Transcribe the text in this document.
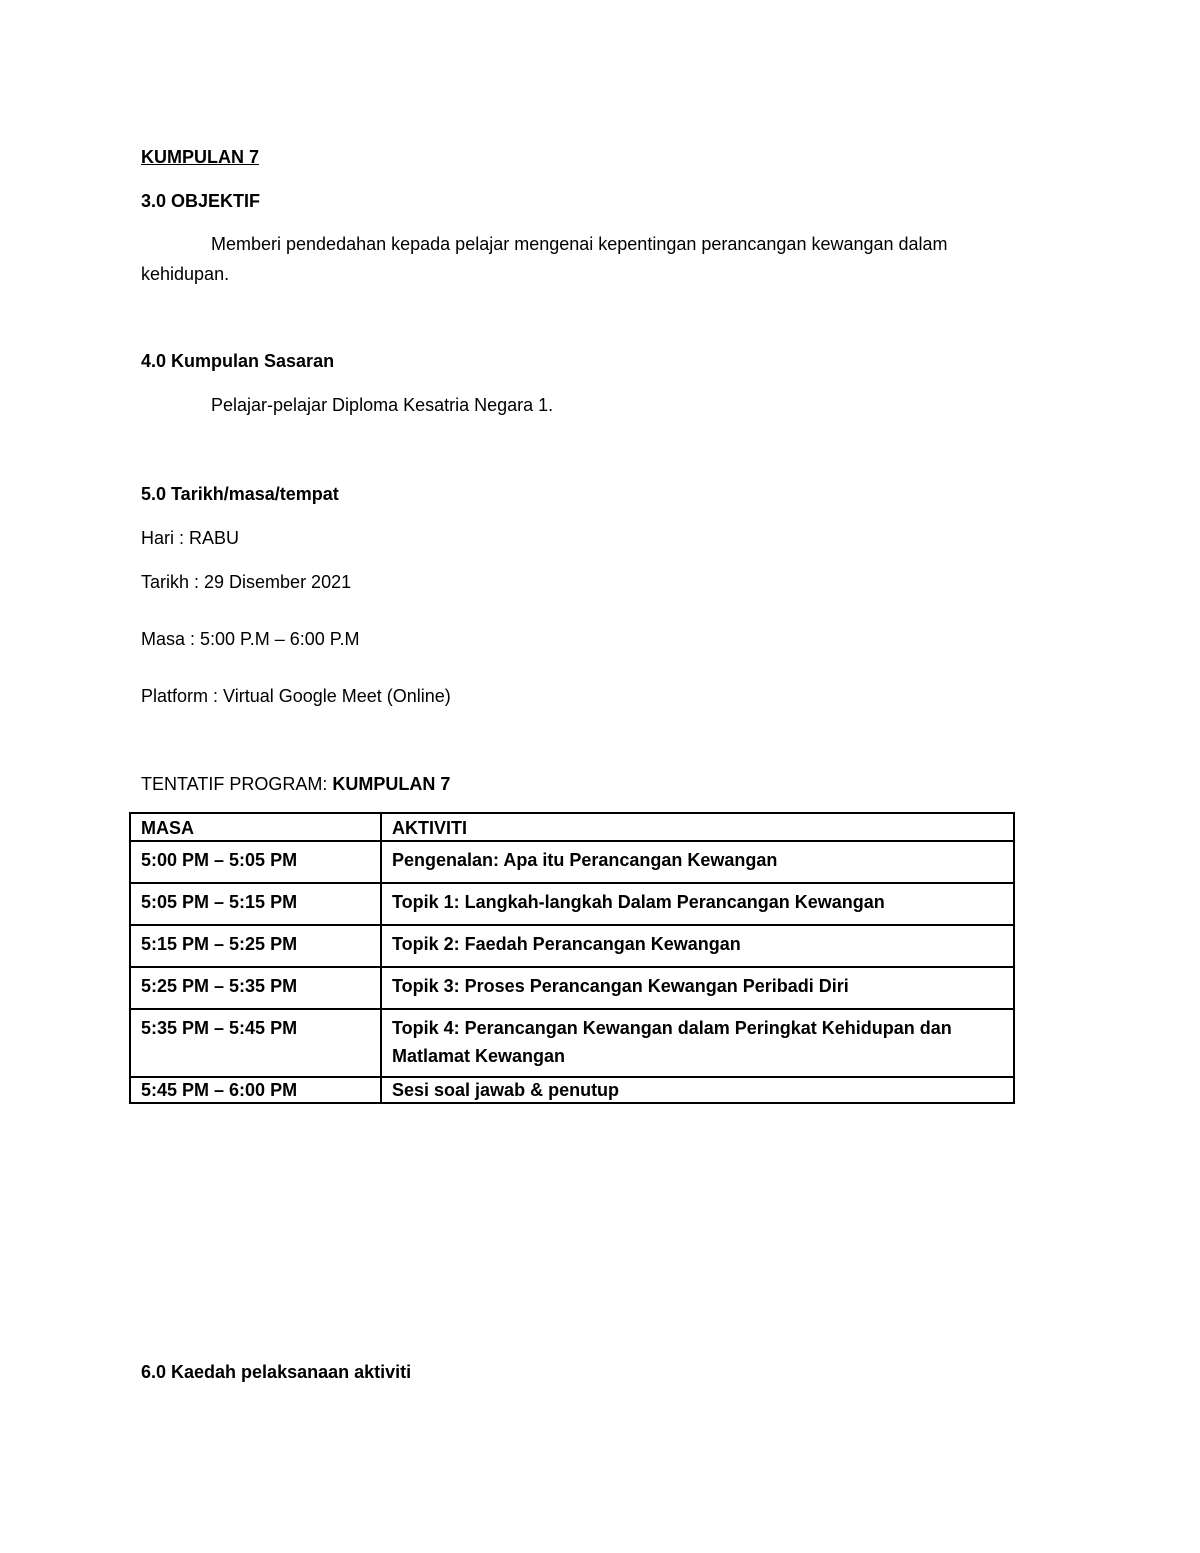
KUMPULAN 7
3.0 OBJEKTIF
Memberi pendedahan kepada pelajar mengenai kepentingan perancangan kewangan dalam kehidupan.
4.0 Kumpulan Sasaran
Pelajar-pelajar Diploma Kesatria Negara 1.
5.0 Tarikh/masa/tempat
Hari : RABU
Tarikh : 29 Disember 2021
Masa : 5:00 P.M – 6:00 P.M
Platform : Virtual Google Meet (Online)
TENTATIF PROGRAM: KUMPULAN 7
MASA	AKTIVITI
5:00 PM – 5:05 PM	Pengenalan: Apa itu Perancangan Kewangan
5:05 PM – 5:15 PM	Topik 1: Langkah-langkah Dalam Perancangan Kewangan
5:15 PM – 5:25 PM	Topik 2: Faedah Perancangan Kewangan
5:25 PM – 5:35 PM	Topik 3: Proses Perancangan Kewangan Peribadi Diri
5:35 PM – 5:45 PM	Topik 4: Perancangan Kewangan dalam Peringkat Kehidupan dan Matlamat Kewangan
5:45 PM – 6:00 PM	Sesi soal jawab & penutup
6.0 Kaedah pelaksanaan aktiviti
